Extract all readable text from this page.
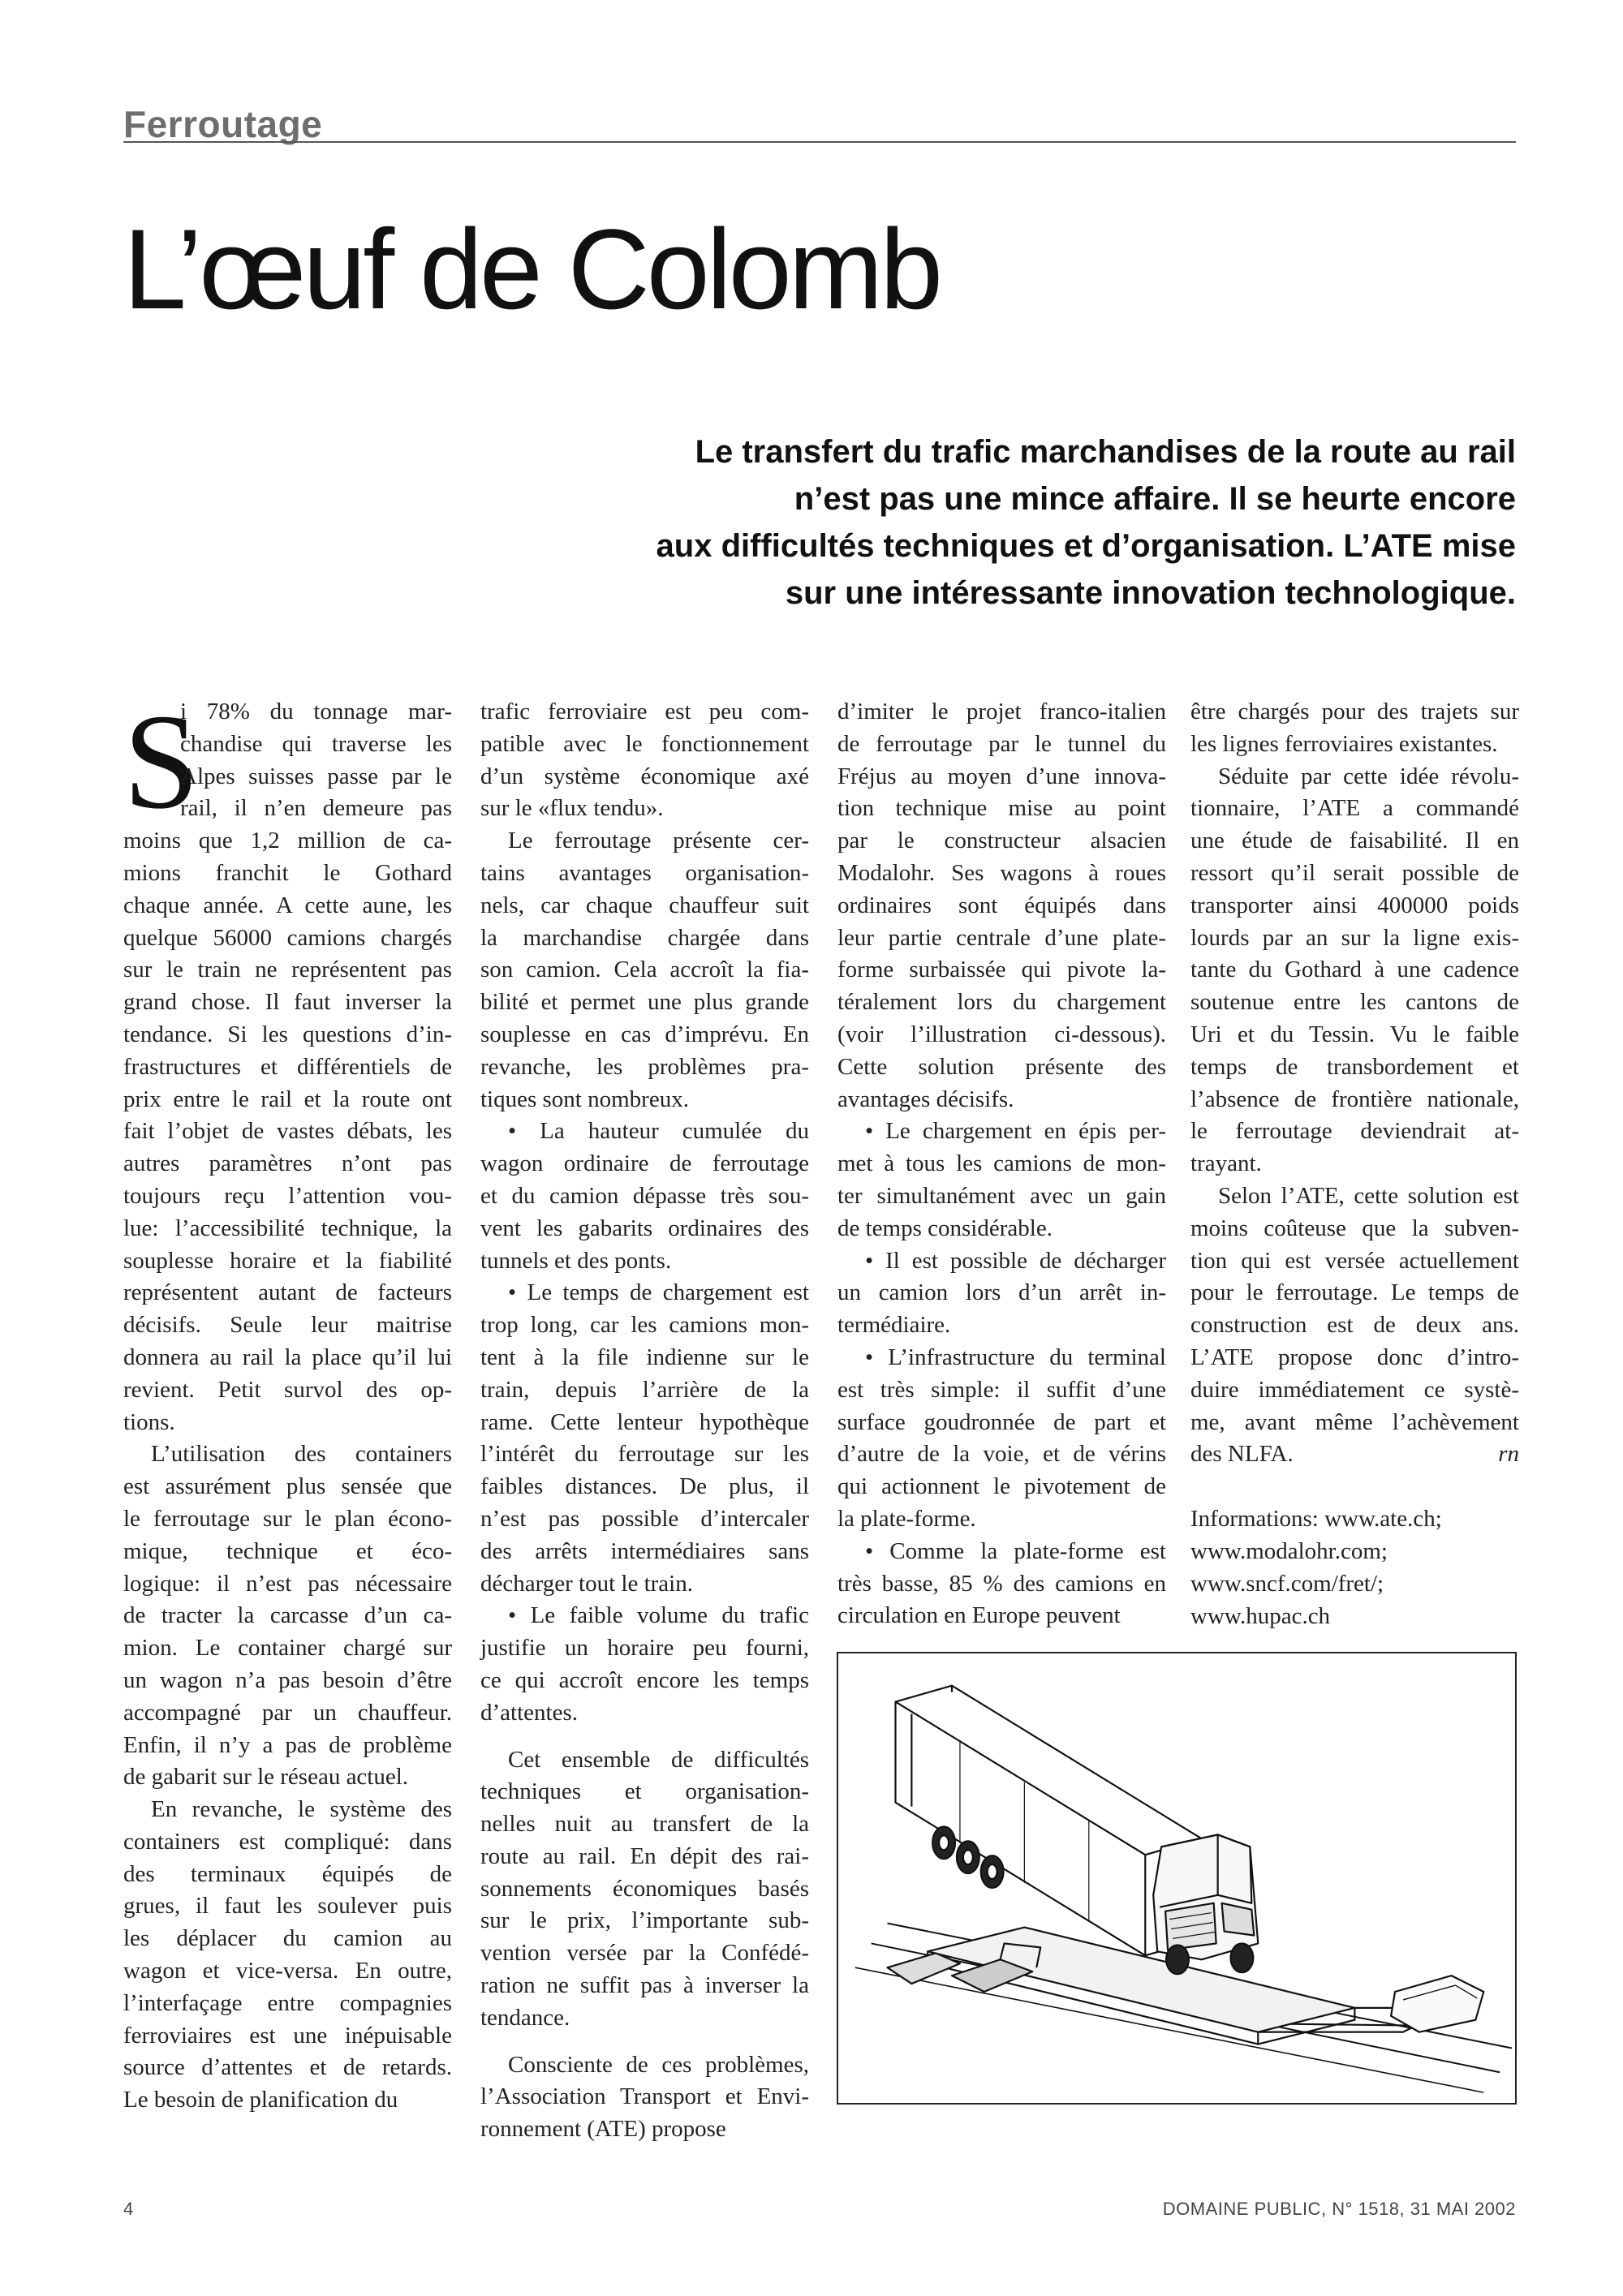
Ferroutage
L’œuf de Colomb
Le transfert du trafic marchandises de la route au rail
n’est pas une mince affaire. Il se heurte encore
aux difficultés techniques et d’organisation. L’ATE mise
sur une intéressante innovation technologique.
S
i 78% du tonnage mar-
chandise qui traverse les
Alpes suisses passe par le
rail, il n’en demeure pas
moins que 1,2 million de ca-
mions franchit le Gothard
chaque année. A cette aune, les
quelque 56000 camions chargés
sur le train ne représentent pas
grand chose. Il faut inverser la
tendance. Si les questions d’in-
frastructures et différentiels de
prix entre le rail et la route ont
fait l’objet de vastes débats, les
autres paramètres n’ont pas
toujours reçu l’attention vou-
lue: l’accessibilité technique, la
souplesse horaire et la fiabilité
représentent autant de facteurs
décisifs. Seule leur maitrise
donnera au rail la place qu’il lui
revient. Petit survol des op-
tions.
L’utilisation des containers
est assurément plus sensée que
le ferroutage sur le plan écono-
mique, technique et éco-
logique: il n’est pas nécessaire
de tracter la carcasse d’un ca-
mion. Le container chargé sur
un wagon n’a pas besoin d’être
accompagné par un chauffeur.
Enfin, il n’y a pas de problème
de gabarit sur le réseau actuel.
En revanche, le système des
containers est compliqué: dans
des terminaux équipés de
grues, il faut les soulever puis
les déplacer du camion au
wagon et vice-versa. En outre,
l’interfaçage entre compagnies
ferroviaires est une inépuisable
source d’attentes et de retards.
Le besoin de planification du
trafic ferroviaire est peu com-
patible avec le fonctionnement
d’un système économique axé
sur le «flux tendu».
Le ferroutage présente cer-
tains avantages organisation-
nels, car chaque chauffeur suit
la marchandise chargée dans
son camion. Cela accroît la fia-
bilité et permet une plus grande
souplesse en cas d’imprévu. En
revanche, les problèmes pra-
tiques sont nombreux.
• La hauteur cumulée du
wagon ordinaire de ferroutage
et du camion dépasse très sou-
vent les gabarits ordinaires des
tunnels et des ponts.
• Le temps de chargement est
trop long, car les camions mon-
tent à la file indienne sur le
train, depuis l’arrière de la
rame. Cette lenteur hypothèque
l’intérêt du ferroutage sur les
faibles distances. De plus, il
n’est pas possible d’intercaler
des arrêts intermédiaires sans
décharger tout le train.
• Le faible volume du trafic
justifie un horaire peu fourni,
ce qui accroît encore les temps
d’attentes.
Cet ensemble de difficultés
techniques et organisation-
nelles nuit au transfert de la
route au rail. En dépit des rai-
sonnements économiques basés
sur le prix, l’importante sub-
vention versée par la Confédé-
ration ne suffit pas à inverser la
tendance.
Consciente de ces problèmes,
l’Association Transport et Envi-
ronnement (ATE) propose
d’imiter le projet franco-italien
de ferroutage par le tunnel du
Fréjus au moyen d’une innova-
tion technique mise au point
par le constructeur alsacien
Modalohr. Ses wagons à roues
ordinaires sont équipés dans
leur partie centrale d’une plate-
forme surbaissée qui pivote la-
téralement lors du chargement
(voir l’illustration ci-dessous).
Cette solution présente des
avantages décisifs.
• Le chargement en épis per-
met à tous les camions de mon-
ter simultanément avec un gain
de temps considérable.
• Il est possible de décharger
un camion lors d’un arrêt in-
termédiaire.
• L’infrastructure du terminal
est très simple: il suffit d’une
surface goudronnée de part et
d’autre de la voie, et de vérins
qui actionnent le pivotement de
la plate-forme.
• Comme la plate-forme est
très basse, 85 % des camions en
circulation en Europe peuvent
être chargés pour des trajets sur
les lignes ferroviaires existantes.
Séduite par cette idée révolu-
tionnaire, l’ATE a commandé
une étude de faisabilité. Il en
ressort qu’il serait possible de
transporter ainsi 400000 poids
lourds par an sur la ligne exis-
tante du Gothard à une cadence
soutenue entre les cantons de
Uri et du Tessin. Vu le faible
temps de transbordement et
l’absence de frontière nationale,
le ferroutage deviendrait at-
trayant.
Selon l’ATE, cette solution est
moins coûteuse que la subven-
tion qui est versée actuellement
pour le ferroutage. Le temps de
construction est de deux ans.
L’ATE propose donc d’intro-
duire immédiatement ce systè-
me, avant même l’achèvement
des NLFA.	rn
Informations: www.ate.ch;
www.modalohr.com;
www.sncf.com/fret/;
www.hupac.ch
4	DOMAINE PUBLIC, N° 1518, 31 MAI 2002
